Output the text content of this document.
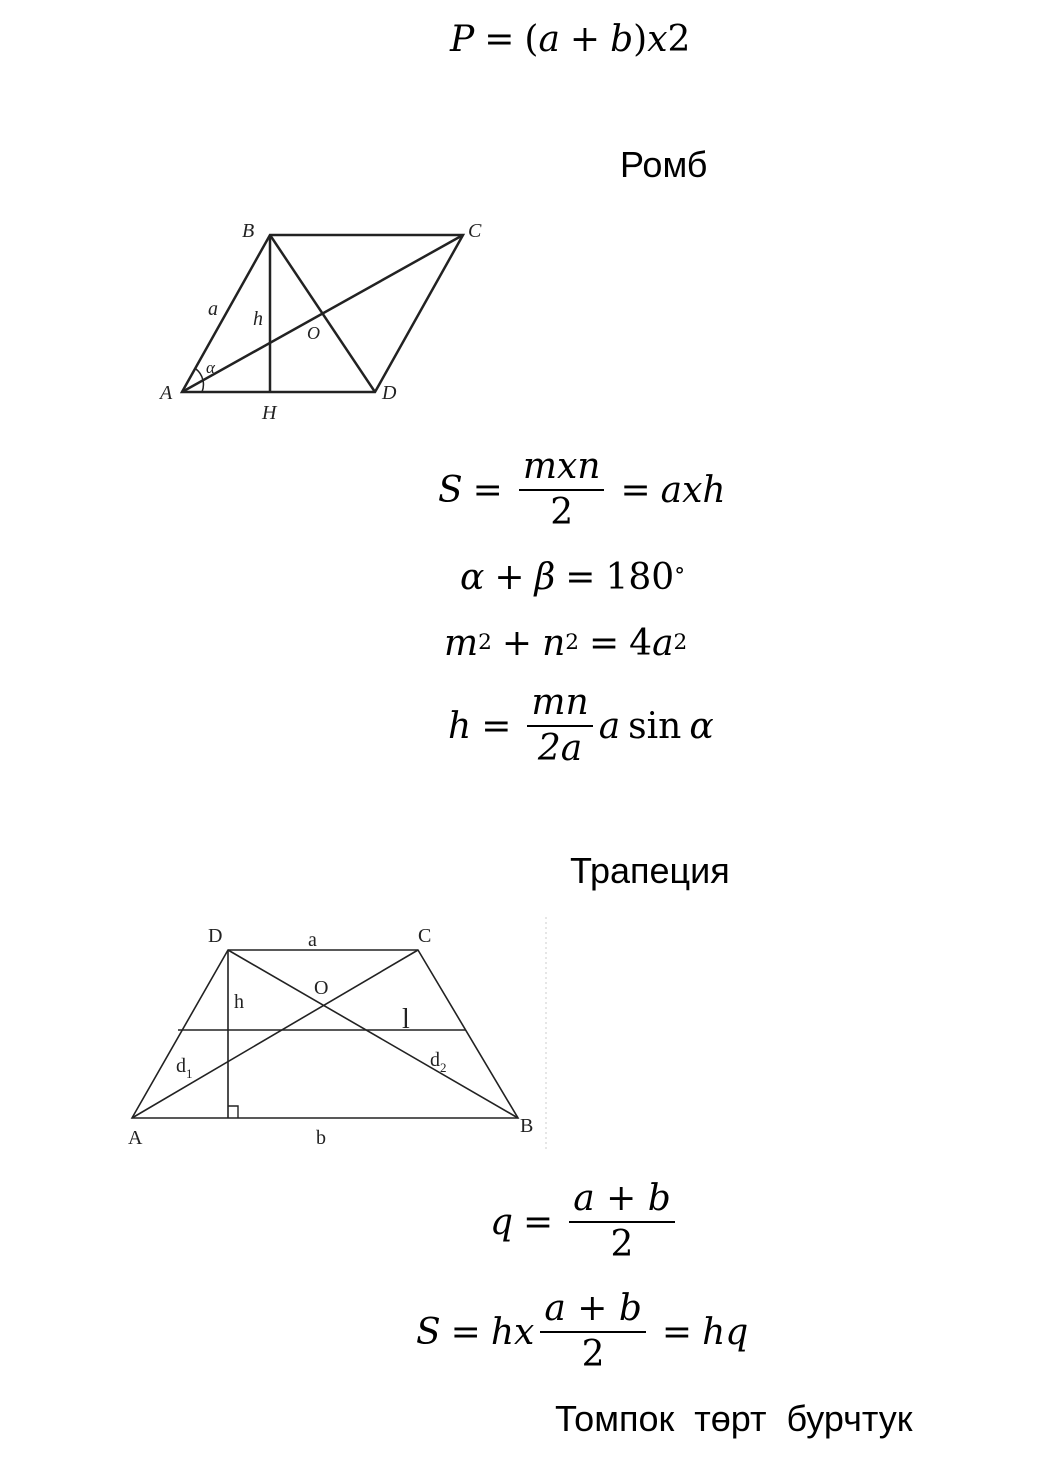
P = ( a + b ) x 2
Ромб
A
B	C
D
H
O
a h
α
$S = \frac{\text{mxn}}{2}$ = axh
α + β = 180 °
m 2 + n 2 = 4 a 2
$h = \frac{mn}{2a}$ a sin α
Трапеция
D	C
a
h
O
l
$d_1$
$d_2$
A
B
b
$q = \frac{a + b}{2}$
S = hx $\frac{a + b}{2}$ = hq
Томпок  төрт  бурчтук
